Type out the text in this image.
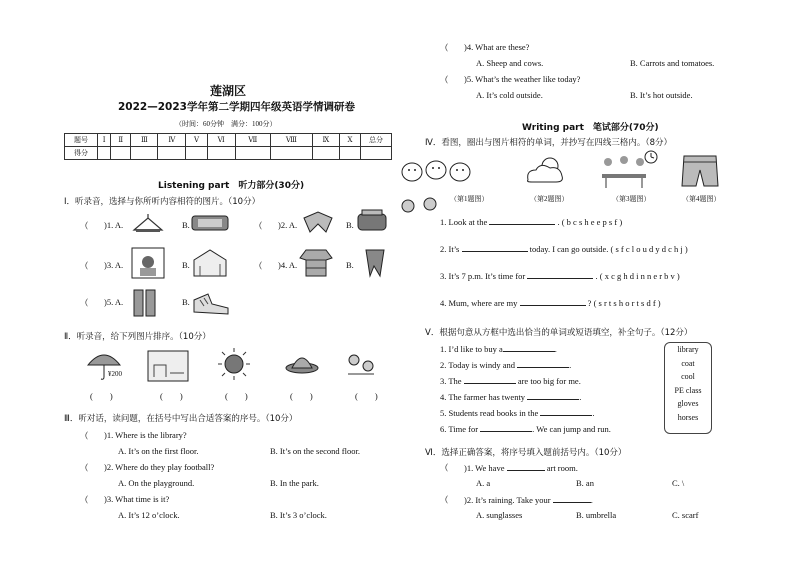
莲湖区
2022—2023学年第二学期四年级英语学情调研卷
（时间：60分钟　满分：100分）
题号	Ⅰ	Ⅱ	Ⅲ	Ⅳ	Ⅴ	Ⅵ	Ⅶ	Ⅷ	Ⅸ	Ⅹ	总分
得分											
Listening part　听力部分(30分)
Ⅰ．听录音，选择与你所听内容相符的图片。（10分）
（ )1. A.	B.	（ )2. A.	B.
（ )3. A.	B.	（ )4. A.	B.
（ )5. A.	B.
Ⅱ．听录音，给下列图片排序。（10分）
¥200
(　　)	(　　)	(　　)	(　　)	(　　)
Ⅲ．听对话，读问题，在括号中写出合适答案的序号。（10分）
（ )1. Where is the library?
A. It’s on the first floor.	B. It’s on the second floor.
（ )2. Where do they play football?
A. On the playground.	B. In the park.
（ )3. What time is it?
A. It’s 12 o’clock.	B. It’s 3 o’clock.
（ )4. What are these?
A. Sheep and cows.	B. Carrots and tomatoes.
（ )5. What’s the weather like today?
A. It’s cold outside.	B. It’s hot outside.
Writing part　笔试部分(70分)
Ⅳ．看图，圈出与图片相符的单词，并抄写在四线三格内。（8分）
（第1题图）	（第2题图）	（第3题图）	（第4题图）
1. Look at the	. ( b c s h e e p s f )
2. It’s	today. I can go outside. ( s f c l o u d y d c h j )
3. It’s 7 p.m. It’s time for	. ( x c g h d i n n e r b v )
4. Mum, where are my	? ( s r t s h o r t s d f )
Ⅴ．根据句意从方框中选出恰当的单词或短语填空，补全句子。（12分）
1. I’d like to buy a	.
2. Today is windy and	.
3. The	are too big for me.
4. The farmer has twenty	.
5. Students read books in the	.
6. Time for	. We can jump and run.
library
coat
cool
PE class
gloves
horses
Ⅵ．选择正确答案，将序号填入题前括号内。（10分）
（ )1. We have	art room.
A. a	B. an	C. \
（ )2. It’s raining. Take your	.
A. sunglasses	B. umbrella	C. scarf
